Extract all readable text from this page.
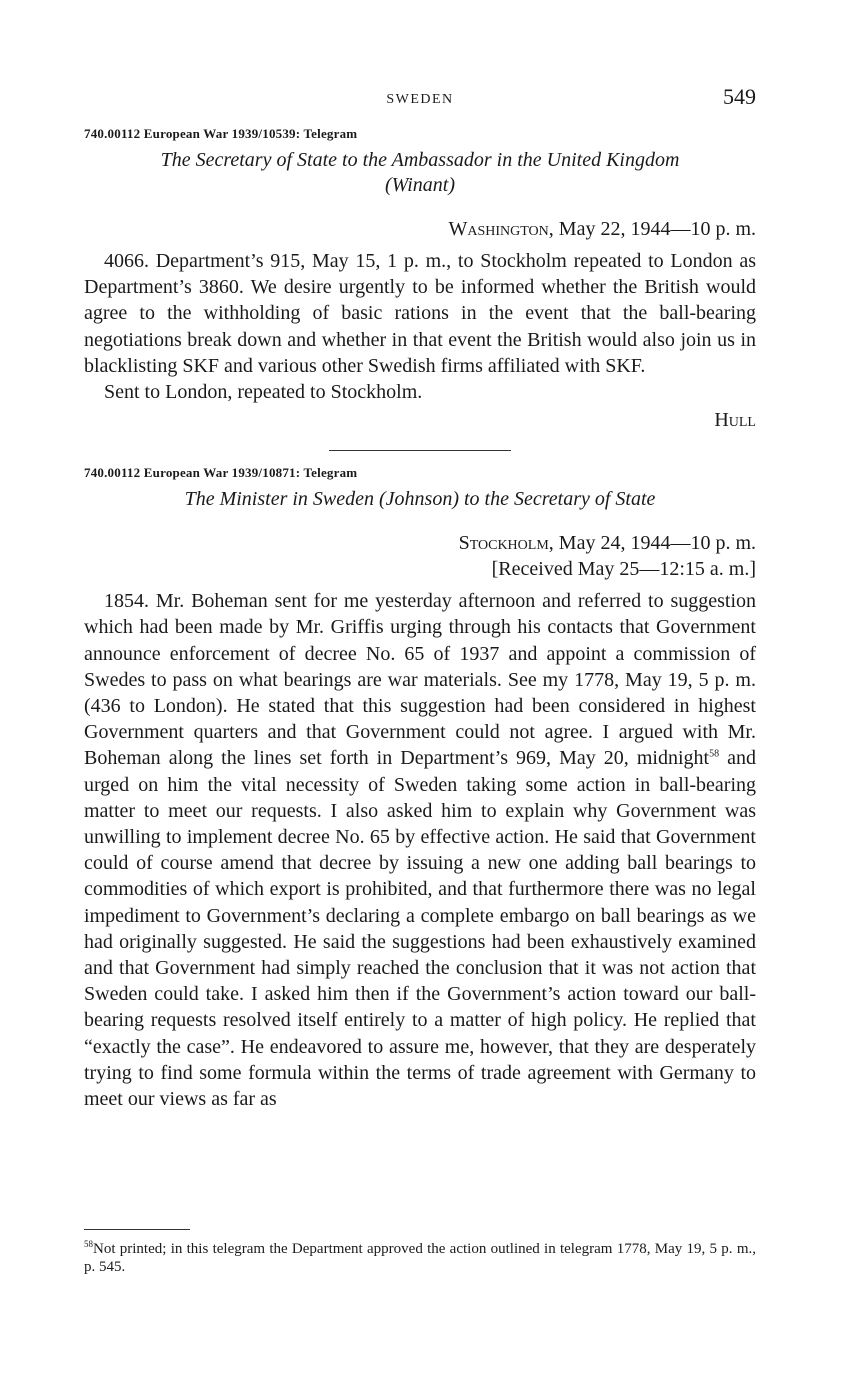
SWEDEN	549
740.00112 European War 1939/10539: Telegram
The Secretary of State to the Ambassador in the United Kingdom
(Winant)
Washington, May 22, 1944—10 p. m.

4066. Department’s 915, May 15, 1 p. m., to Stockholm repeated to London as Department’s 3860. We desire urgently to be informed whether the British would agree to the withholding of basic rations in the event that the ball-bearing negotiations break down and whether in that event the British would also join us in blacklisting SKF and various other Swedish firms affiliated with SKF.

Sent to London, repeated to Stockholm.

Hull
740.00112 European War 1939/10871: Telegram
The Minister in Sweden (Johnson) to the Secretary of State
Stockholm, May 24, 1944—10 p. m.
[Received May 25—12:15 a. m.]

1854. Mr. Boheman sent for me yesterday afternoon and referred to suggestion which had been made by Mr. Griffis urging through his contacts that Government announce enforcement of decree No. 65 of 1937 and appoint a commission of Swedes to pass on what bearings are war materials. See my 1778, May 19, 5 p. m. (436 to London). He stated that this suggestion had been considered in highest Government quarters and that Government could not agree. I argued with Mr. Boheman along the lines set forth in Department’s 969, May 20, midnight$^{58}$ and urged on him the vital necessity of Sweden taking some action in ball-bearing matter to meet our requests. I also asked him to explain why Government was unwilling to implement decree No. 65 by effective action. He said that Government could of course amend that decree by issuing a new one adding ball bearings to commodities of which export is prohibited, and that furthermore there was no legal impediment to Government’s declaring a complete embargo on ball bearings as we had originally suggested. He said the suggestions had been exhaustively examined and that Government had simply reached the conclusion that it was not action that Sweden could take. I asked him then if the Government’s action toward our ball-bearing requests resolved itself entirely to a matter of high policy. He replied that “exactly the case”. He endeavored to assure me, however, that they are desperately trying to find some formula within the terms of trade agreement with Germany to meet our views as far as

$^{58}$Not printed; in this telegram the Department approved the action outlined in telegram 1778, May 19, 5 p. m., p. 545.
